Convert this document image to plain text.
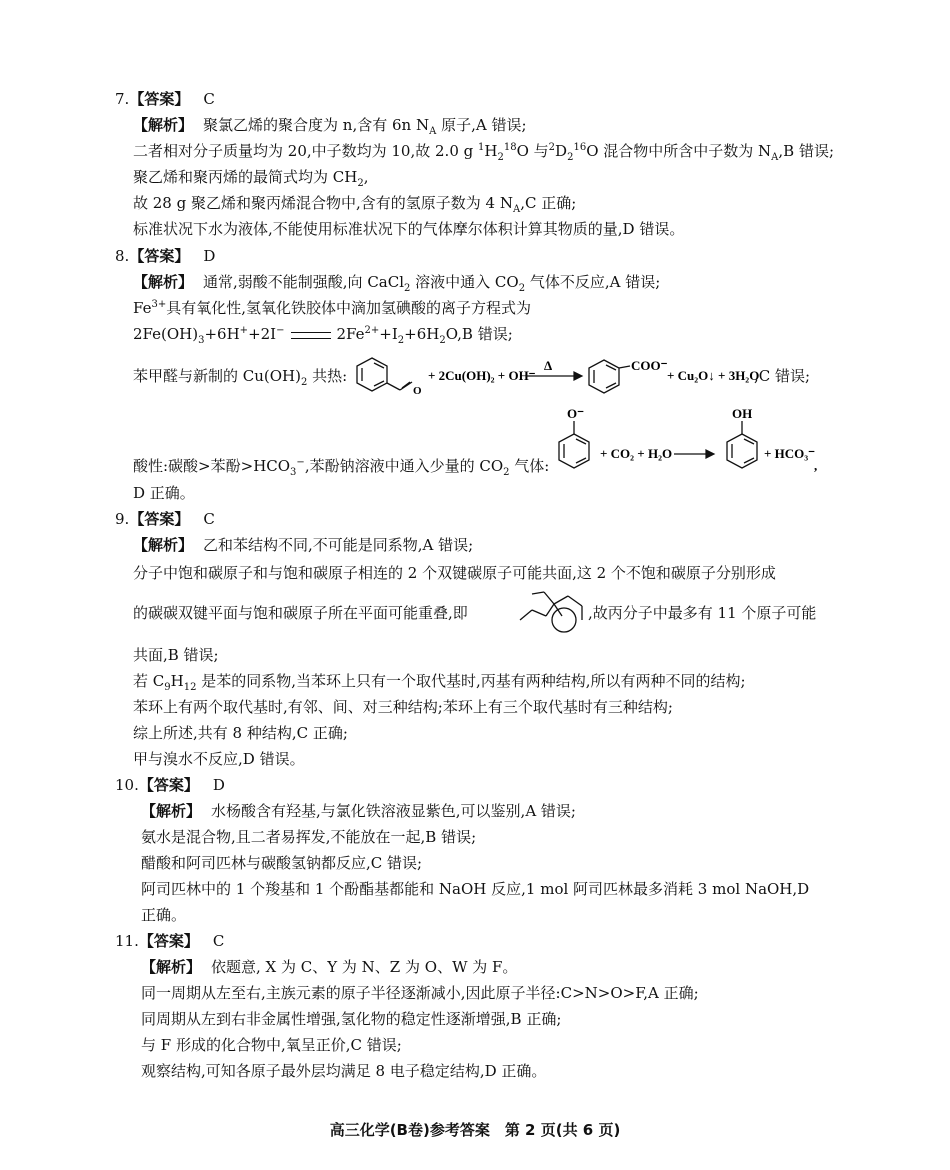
7.【答案】 C
【解析】 聚氯乙烯的聚合度为 n,含有 6n $N_A$ 原子,A 错误;
二者相对分子质量均为 20,中子数均为 10,故 2.0 g $^1H_2^{18}O$ 与$^2D_2^{16}O$ 混合物中所含中子数为 $N_A,B$ 错误;
聚乙烯和聚丙烯的最简式均为 $CH_2$,
故 28 g 聚乙烯和聚丙烯混合物中,含有的氢原子数为 4 $N_A,C$ 正确;
标准状况下水为液体,不能使用标准状况下的气体摩尔体积计算其物质的量,D 错误。
8.【答案】 D
【解析】 通常,弱酸不能制强酸,向 CaCl$_2$ 溶液中通入 $CO_2$ 气体不反应,A 错误;
$Fe^{3+}$具有氧化性,氢氧化铁胶体中滴加氢碘酸的离子方程式为
$2Fe(OH)_3+6H^++2I^-$	$2Fe^{2+}+I_2+6H_2O,B$ 错误;
苯甲醛与新制的 $Cu(OH)_2$ 共热:
O
+ 2Cu(OH)₂ + OH⁻
Δ	COO⁻
+ Cu₂O↓ + 3H₂O
,C 错误;
酸性:碳酸>苯酚$>HCO_3^-$,苯酚钠溶液中通入少量的 $CO_2$ 气体:
O⁻
+ CO₂ + H₂O
OH
+ HCO₃⁻
,
D 正确。
9.【答案】 C
【解析】 乙和苯结构不同,不可能是同系物,A 错误;
分子中饱和碳原子和与饱和碳原子相连的 2 个双键碳原子可能共面,这 2 个不饱和碳原子分别形成
的碳碳双键平面与饱和碳原子所在平面可能重叠,即	,故丙分子中最多有 11 个原子可能
共面,B 错误;
若 $C_9H_{12}$ 是苯的同系物,当苯环上只有一个取代基时,丙基有两种结构,所以有两种不同的结构;
苯环上有两个取代基时,有邻、间、对三种结构;苯环上有三个取代基时有三种结构;
综上所述,共有 8 种结构,C 正确;
甲与溴水不反应,D 错误。
10.【答案】 D
【解析】 水杨酸含有羟基,与氯化铁溶液显紫色,可以鉴别,A 错误;
氨水是混合物,且二者易挥发,不能放在一起,B 错误;
醋酸和阿司匹林与碳酸氢钠都反应,C 错误;
阿司匹林中的 1 个羧基和 1 个酚酯基都能和 NaOH 反应,1 mol 阿司匹林最多消耗 3 mol NaOH,D
正确。
11.【答案】 C
【解析】 依题意, X 为 C、Y 为 N、Z 为 O、W 为 F。
同一周期从左至右,主族元素的原子半径逐渐减小,因此原子半径:C>N>O>F,A 正确;
同周期从左到右非金属性增强,氢化物的稳定性逐渐增强,B 正确;
与 F 形成的化合物中,氧呈正价,C 错误;
观察结构,可知各原子最外层均满足 8 电子稳定结构,D 正确。
高三化学(B卷)参考答案　第 2 页(共 6 页)
